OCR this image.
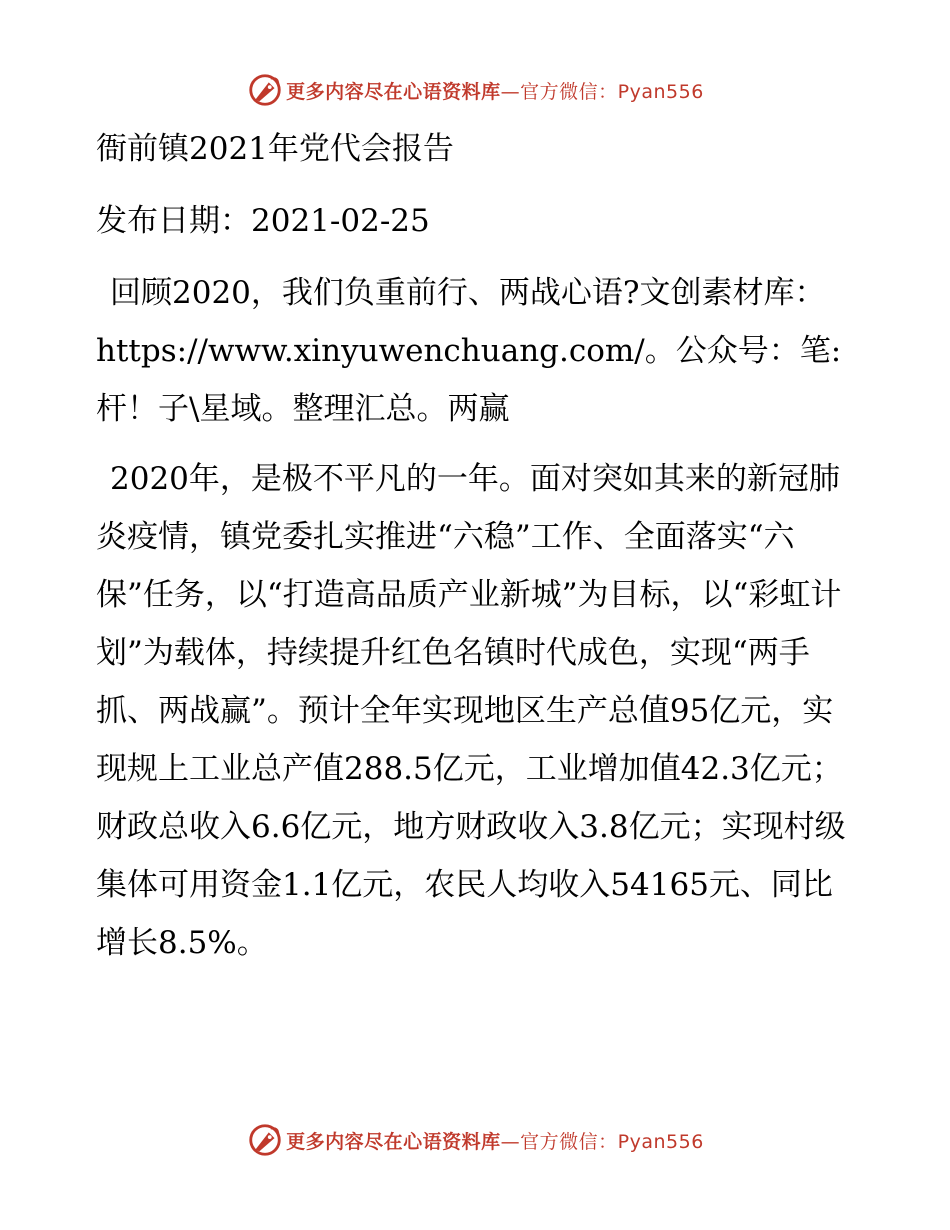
更多内容尽在心语资料库—官方微信：Pyan556

衙前镇2021年党代会报告

发布日期：2021-02-25

回顾2020，我们负重前行、两战心语?文创素材库：https://www.xinyuwenchuang.com/。公众号：笔:杆！子\星域。整理汇总。两赢

2020年，是极不平凡的一年。面对突如其来的新冠肺炎疫情，镇党委扎实推进“六稳”工作、全面落实“六保”任务，以“打造高品质产业新城”为目标，以“彩虹计划”为载体，持续提升红色名镇时代成色，实现“两手抓、两战赢”。预计全年实现地区生产总值95亿元，实现规上工业总产值288.5亿元，工业增加值42.3亿元；财政总收入6.6亿元，地方财政收入3.8亿元；实现村级集体可用资金1.1亿元，农民人均收入54165元、同比增长8.5%。

更多内容尽在心语资料库—官方微信：Pyan556
